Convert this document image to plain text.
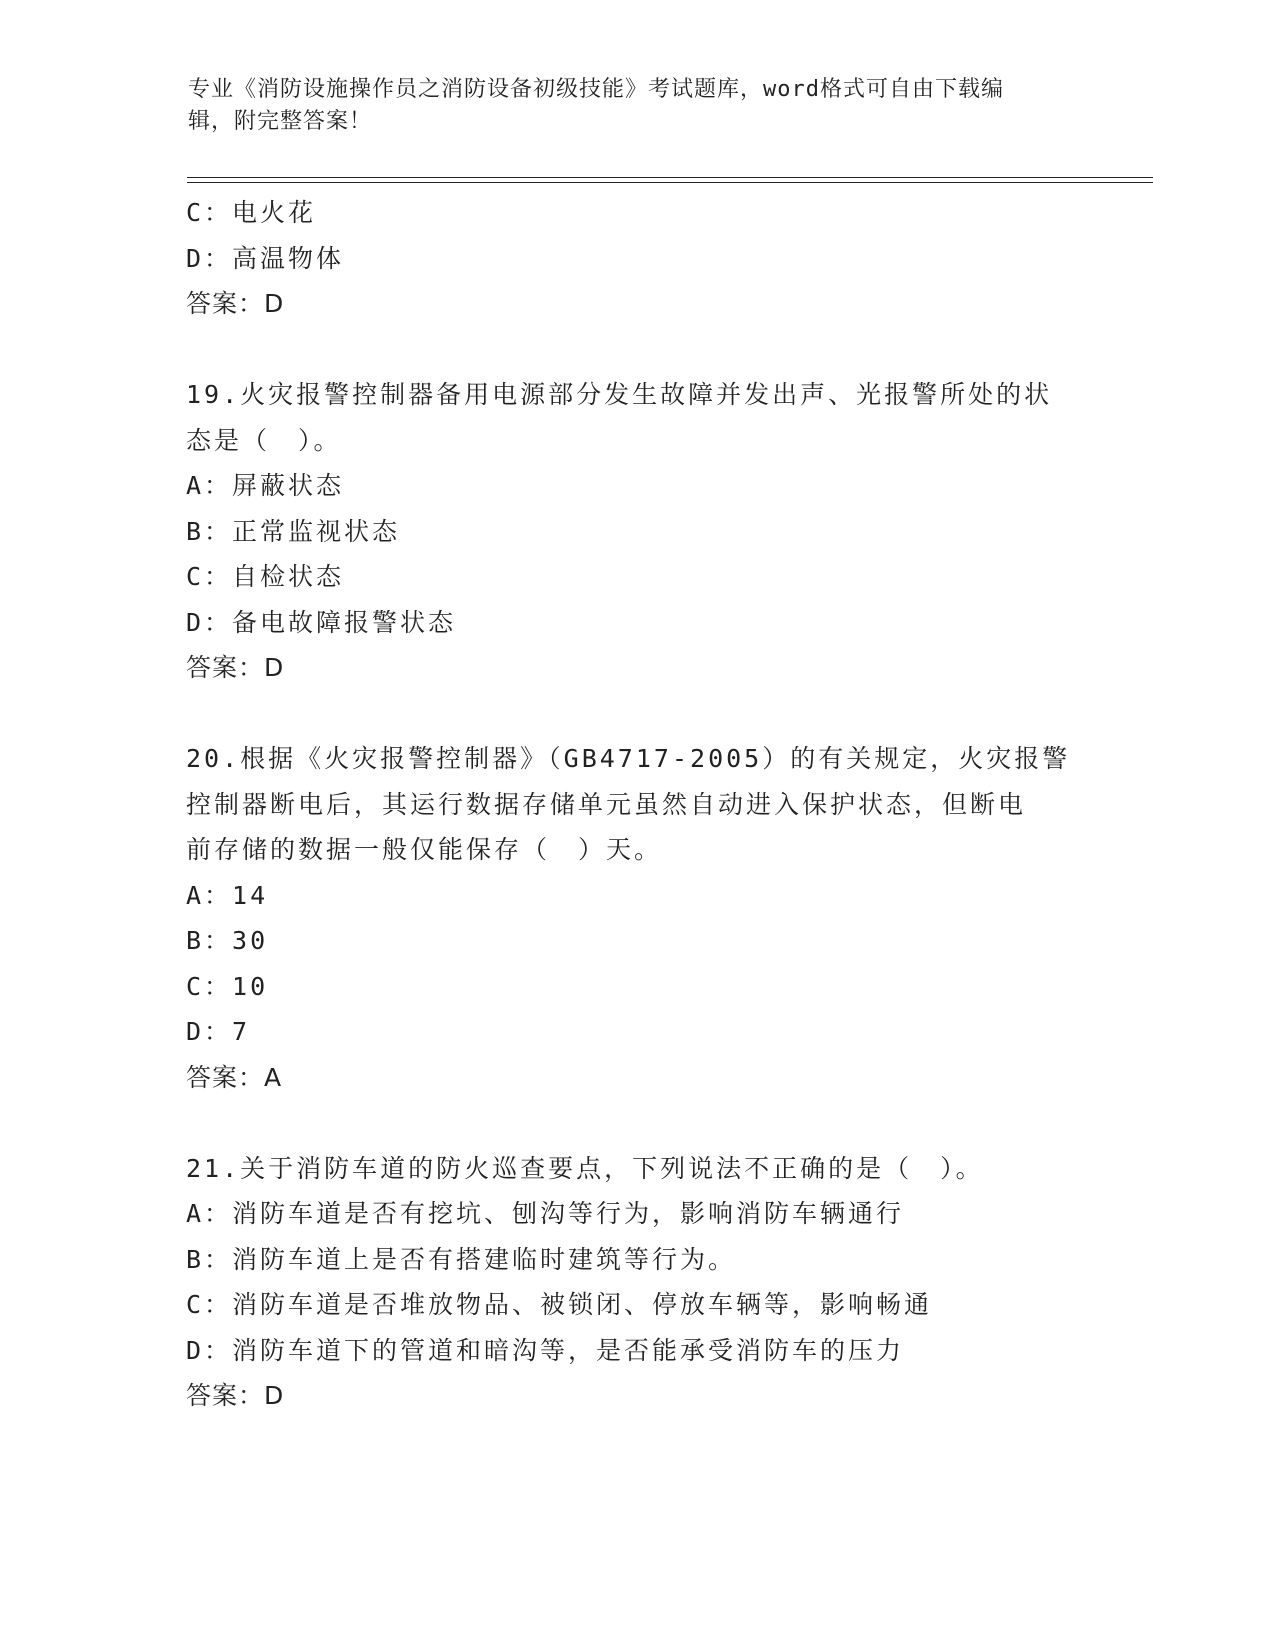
专业《消防设施操作员之消防设备初级技能》考试题库，word格式可自由下载编
辑，附完整答案！
C：电火花
D：高温物体
答案：D
19.火灾报警控制器备用电源部分发生故障并发出声、光报警所处的状
态是（　）。
A：屏蔽状态
B：正常监视状态
C：自检状态
D：备电故障报警状态
答案：D
20.根据《火灾报警控制器》（GB4717-2005）的有关规定，火灾报警
控制器断电后，其运行数据存储单元虽然自动进入保护状态，但断电
前存储的数据一般仅能保存（　）天。
A：14
B：30
C：10
D：7
答案：A
21.关于消防车道的防火巡查要点，下列说法不正确的是（　）。
A：消防车道是否有挖坑、刨沟等行为，影响消防车辆通行
B：消防车道上是否有搭建临时建筑等行为。
C：消防车道是否堆放物品、被锁闭、停放车辆等，影响畅通
D：消防车道下的管道和暗沟等，是否能承受消防车的压力
答案：D
